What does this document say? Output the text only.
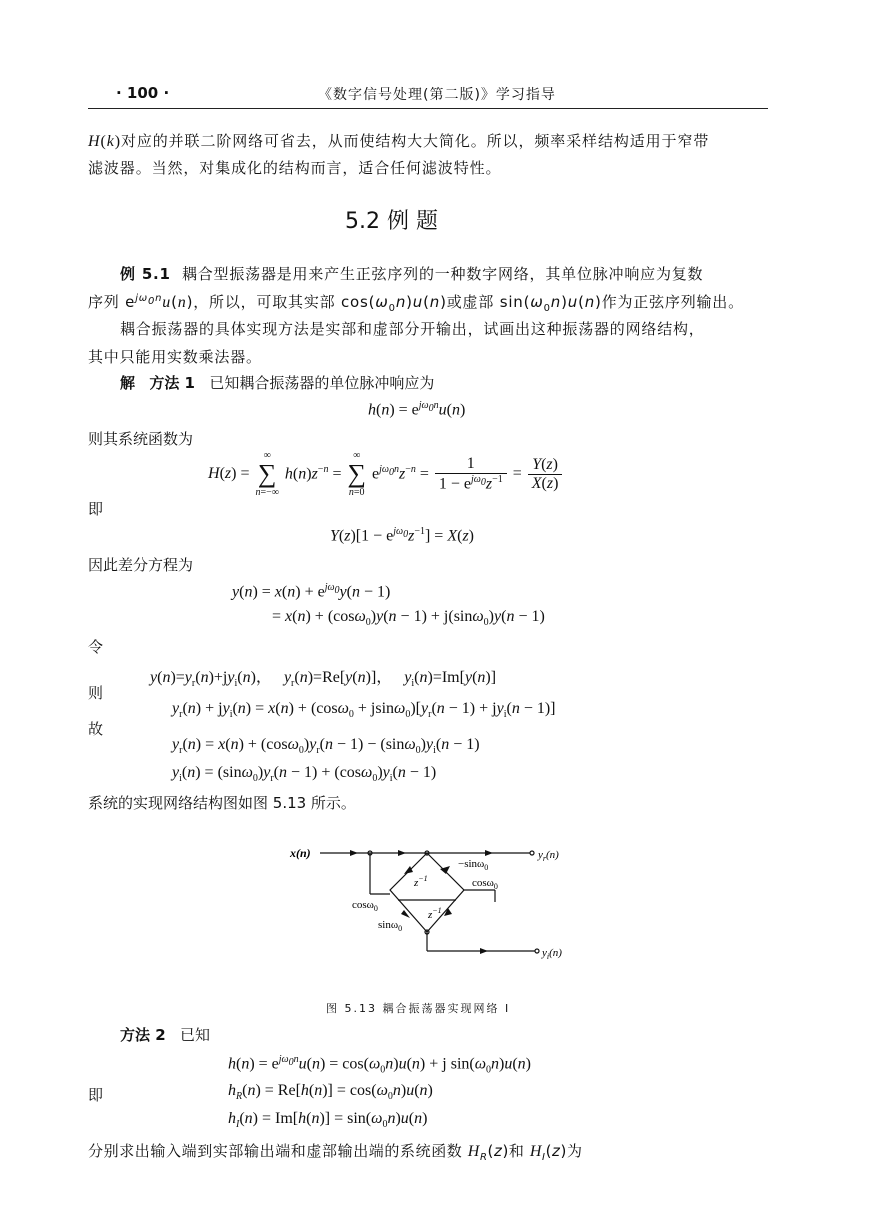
· 100 ·	《数字信号处理(第二版)》学习指导
H(k)对应的并联二阶网络可省去，从而使结构大大简化。所以，频率采样结构适用于窄带
滤波器。当然，对集成化的结构而言，适合任何滤波特性。
5.2 例 题
例 5.1 耦合型振荡器是用来产生正弦序列的一种数字网络，其单位脉冲响应为复数
序列 $e^{j\omega_0n}u(n)$，所以，可取其实部 $\cos(\omega_0n)u(n)$或虚部 $\sin(\omega_0n)u(n)$作为正弦序列输出。
耦合振荡器的具体实现方法是实部和虚部分开输出，试画出这种振荡器的网络结构，
其中只能用实数乘法器。
解 方法 1 已知耦合振荡器的单位脉冲响应为
$h(n) = e^{j\omega_0n}u(n)$
则其系统函数为
H(z) =
∞
∑
n=−∞
$h(n)z^{-n}$ =
∞
∑
n=0
$e^{j\omega_0n}z^{-n} = \frac{1}{1 - e^{j\omega_0}z^{-1}} = \frac{Y(z)}{X(z)}$
即
$Y(z)[1 - e^{j\omega_0}z^{-1}] = X(z)$
因此差分方程为
$y(n) = x(n) + e^{j\omega_0}y(n - 1)$
= x(n) + (cosω$_0$)y(n − 1) + j(sinω$_0$)y(n − 1)
令
$y(n)=y_r(n)+jy_i(n)$，   $y_r(n)=Re[y(n)]$，   $y_i(n)=Im[y(n)]$
则
$y_r(n) + jy_i(n) = x(n) + (\cos\omega_0 + jsin\omega_0)[y_r(n - 1) + jy_i(n - 1)]$
故
$y_r(n) = x(n) + (\cos\omega_0)y_r(n - 1) - (\sin\omega_0)y_i(n - 1)$
$y_i(n) = (\sin\omega_0)y_r(n - 1) + (\cos\omega_0)y_i(n - 1)$
系统的实现网络结构图如图 5.13 所示。
x(n)	$y_r(n)$
$y_i(n)$
−sinω$_0$
cosω$_0$
cosω$_0$
sinω$_0$
$z^{-1}$
$z^{-1}$
图 5.13 耦合振荡器实现网络 I
方法 2 已知
$h(n) = e^{j\omega_0n}u(n) = \cos(\omega_0n)u(n) + j$ $\sin(\omega_0n)u(n)$
即	$h_R(n) = Re[h(n)] = \cos(\omega_0n)u(n)$
$h_I(n) = Im[h(n)] = \sin(\omega_0n)u(n)$
分别求出输入端到实部输出端和虚部输出端的系统函数 $H_R(z)$和 $H_I(z)$为
